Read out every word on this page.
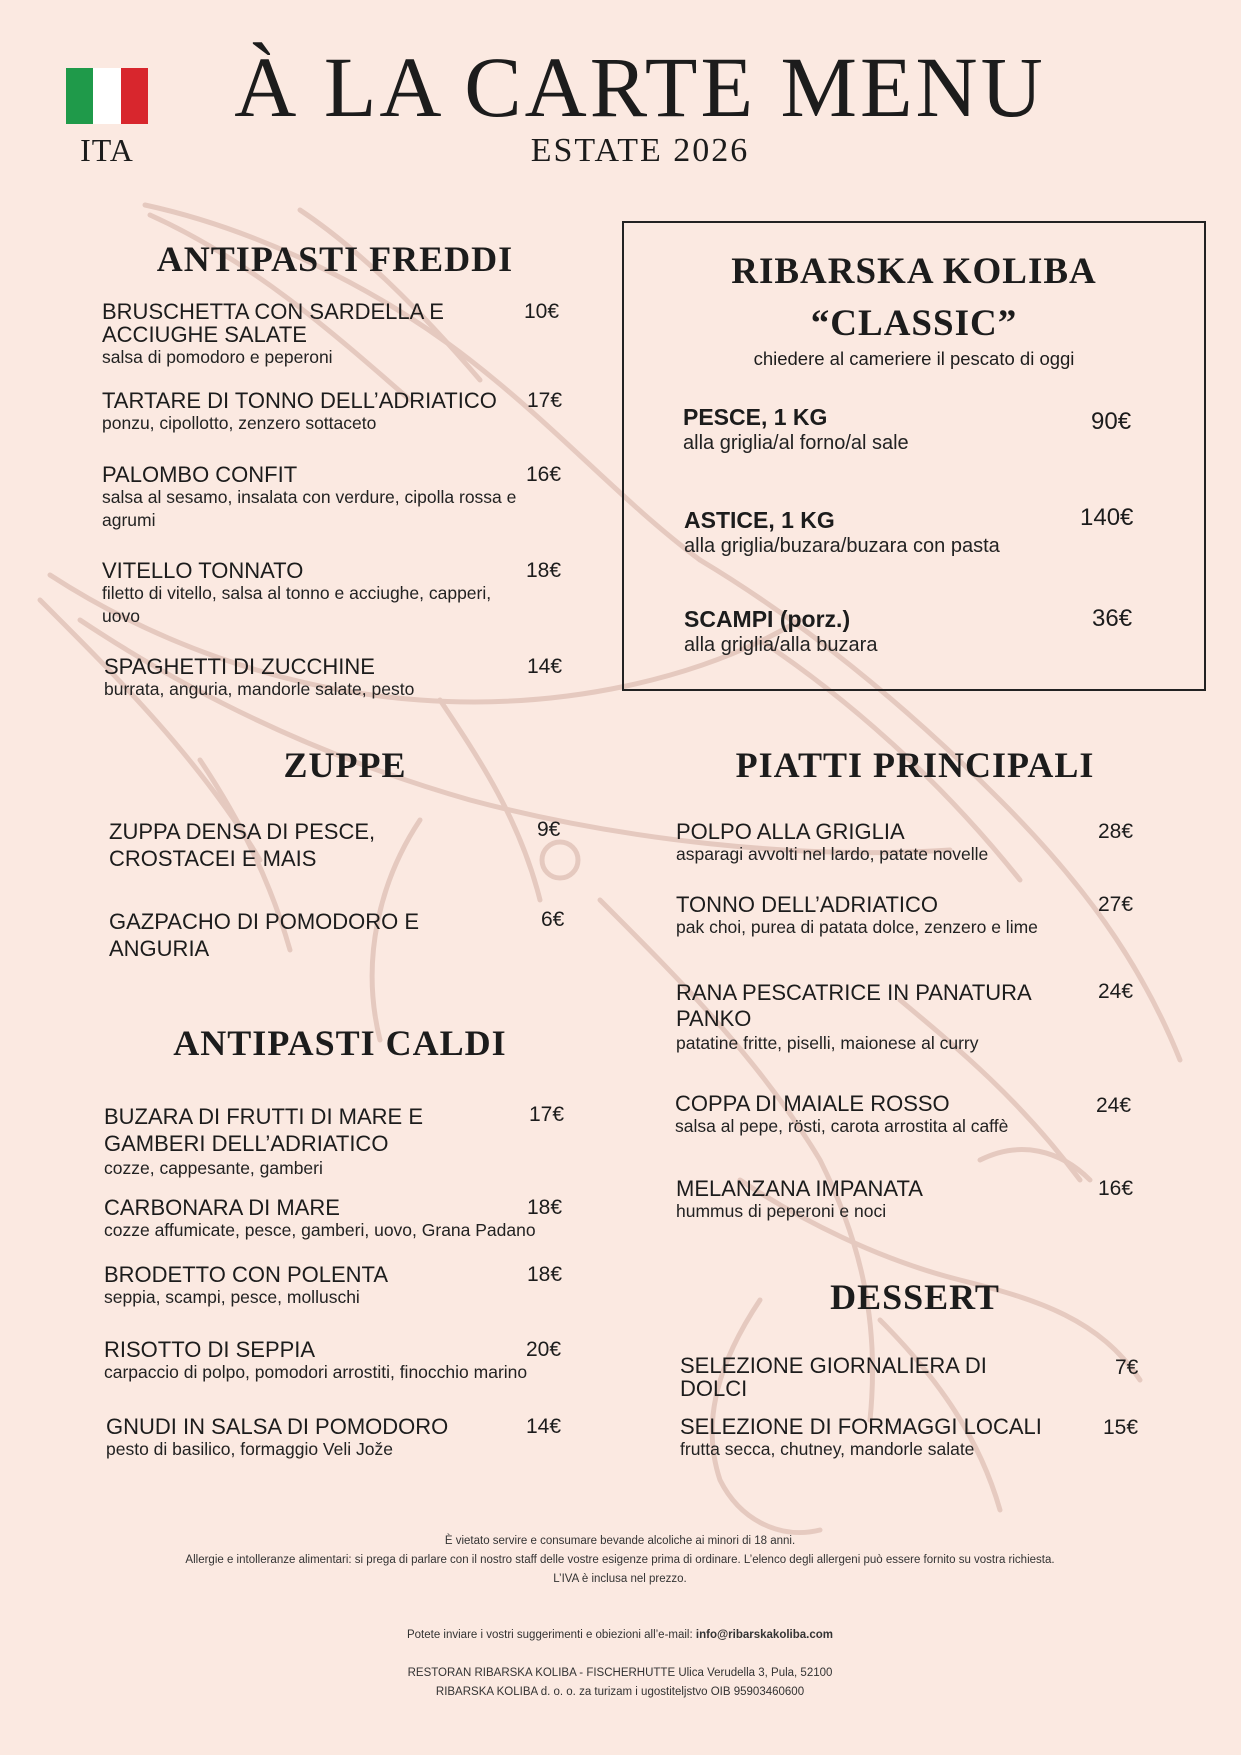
ITA
À LA CARTE MENU
ESTATE 2026
ANTIPASTI FREDDI
BRUSCHETTA CON SARDELLA E ACCIUGHE SALATE
salsa di pomodoro e peperoni
10€
TARTARE DI TONNO DELL’ADRIATICO
ponzu, cipollotto, zenzero sottaceto
17€
PALOMBO CONFIT
salsa al sesamo, insalata con verdure, cipolla rossa e agrumi
16€
VITELLO TONNATO
filetto di vitello, salsa al tonno e acciughe, capperi, uovo
18€
SPAGHETTI DI ZUCCHINE
burrata, anguria, mandorle salate, pesto
14€
ZUPPE
ZUPPA DENSA DI PESCE, CROSTACEI E MAIS
9€
GAZPACHO DI POMODORO E ANGURIA
6€
ANTIPASTI CALDI
BUZARA DI FRUTTI DI MARE E GAMBERI DELL’ADRIATICO
cozze, cappesante, gamberi
17€
CARBONARA DI MARE
cozze affumicate, pesce, gamberi, uovo, Grana Padano
18€
BRODETTO CON POLENTA
seppia, scampi, pesce, molluschi
18€
RISOTTO DI SEPPIA
carpaccio di polpo, pomodori arrostiti, finocchio marino
20€
GNUDI IN SALSA DI POMODORO
pesto di basilico, formaggio Veli Jože
14€
RIBARSKA KOLIBA
“CLASSIC”
chiedere al cameriere il pescato di oggi
PESCE, 1 KG
alla griglia/al forno/al sale
90€
ASTICE, 1 KG
alla griglia/buzara/buzara con pasta
140€
SCAMPI (porz.)
alla griglia/alla buzara
36€
PIATTI PRINCIPALI
POLPO ALLA GRIGLIA
asparagi avvolti nel lardo, patate novelle
28€
TONNO DELL’ADRIATICO
pak choi, purea di patata dolce, zenzero e lime
27€
RANA PESCATRICE IN PANATURA PANKO
patatine fritte, piselli, maionese al curry
24€
COPPA DI MAIALE ROSSO
salsa al pepe, rösti, carota arrostita al caffè
24€
MELANZANA IMPANATA
hummus di peperoni e noci
16€
DESSERT
SELEZIONE GIORNALIERA DI DOLCI
7€
SELEZIONE DI FORMAGGI LOCALI
frutta secca, chutney, mandorle salate
15€
È vietato servire e consumare bevande alcoliche ai minori di 18 anni.
Allergie e intolleranze alimentari: si prega di parlare con il nostro staff delle vostre esigenze prima di ordinare. L’elenco degli allergeni può essere fornito su vostra richiesta.
L’IVA è inclusa nel prezzo.
Potete inviare i vostri suggerimenti e obiezioni all’e-mail: info@ribarskakoliba.com
RESTORAN RIBARSKA KOLIBA - FISCHERHUTTE Ulica Verudella 3, Pula, 52100
RIBARSKA KOLIBA d. o. o. za turizam i ugostiteljstvo OIB 95903460600
